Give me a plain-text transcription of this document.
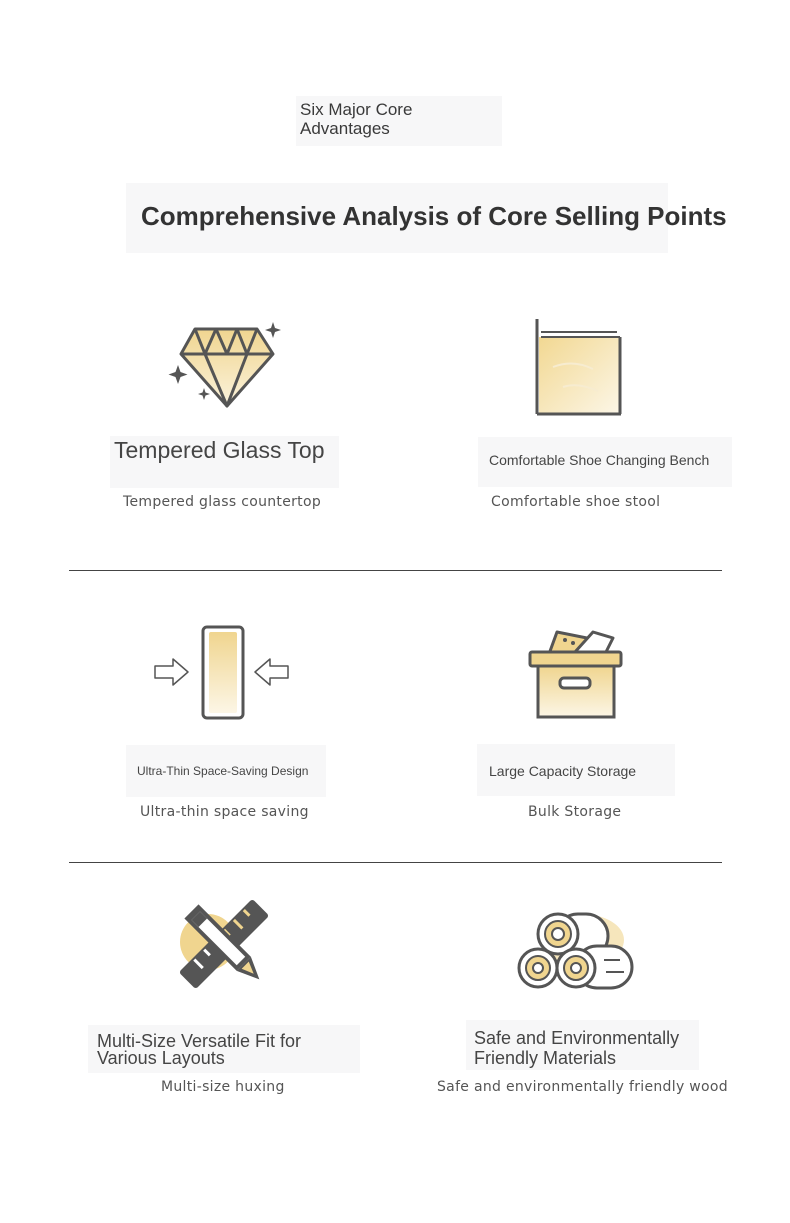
Six Major Core Advantages
Comprehensive Analysis of Core Selling Points
Tempered Glass Top
Tempered glass countertop
Comfortable Shoe Changing Bench
Comfortable shoe stool
Ultra-Thin Space-Saving Design
Ultra-thin space saving
Large Capacity Storage
Bulk Storage
Multi-Size Versatile Fit for Various Layouts
Multi-size huxing
Safe and Environmentally Friendly Materials
Safe and environmentally friendly wood
